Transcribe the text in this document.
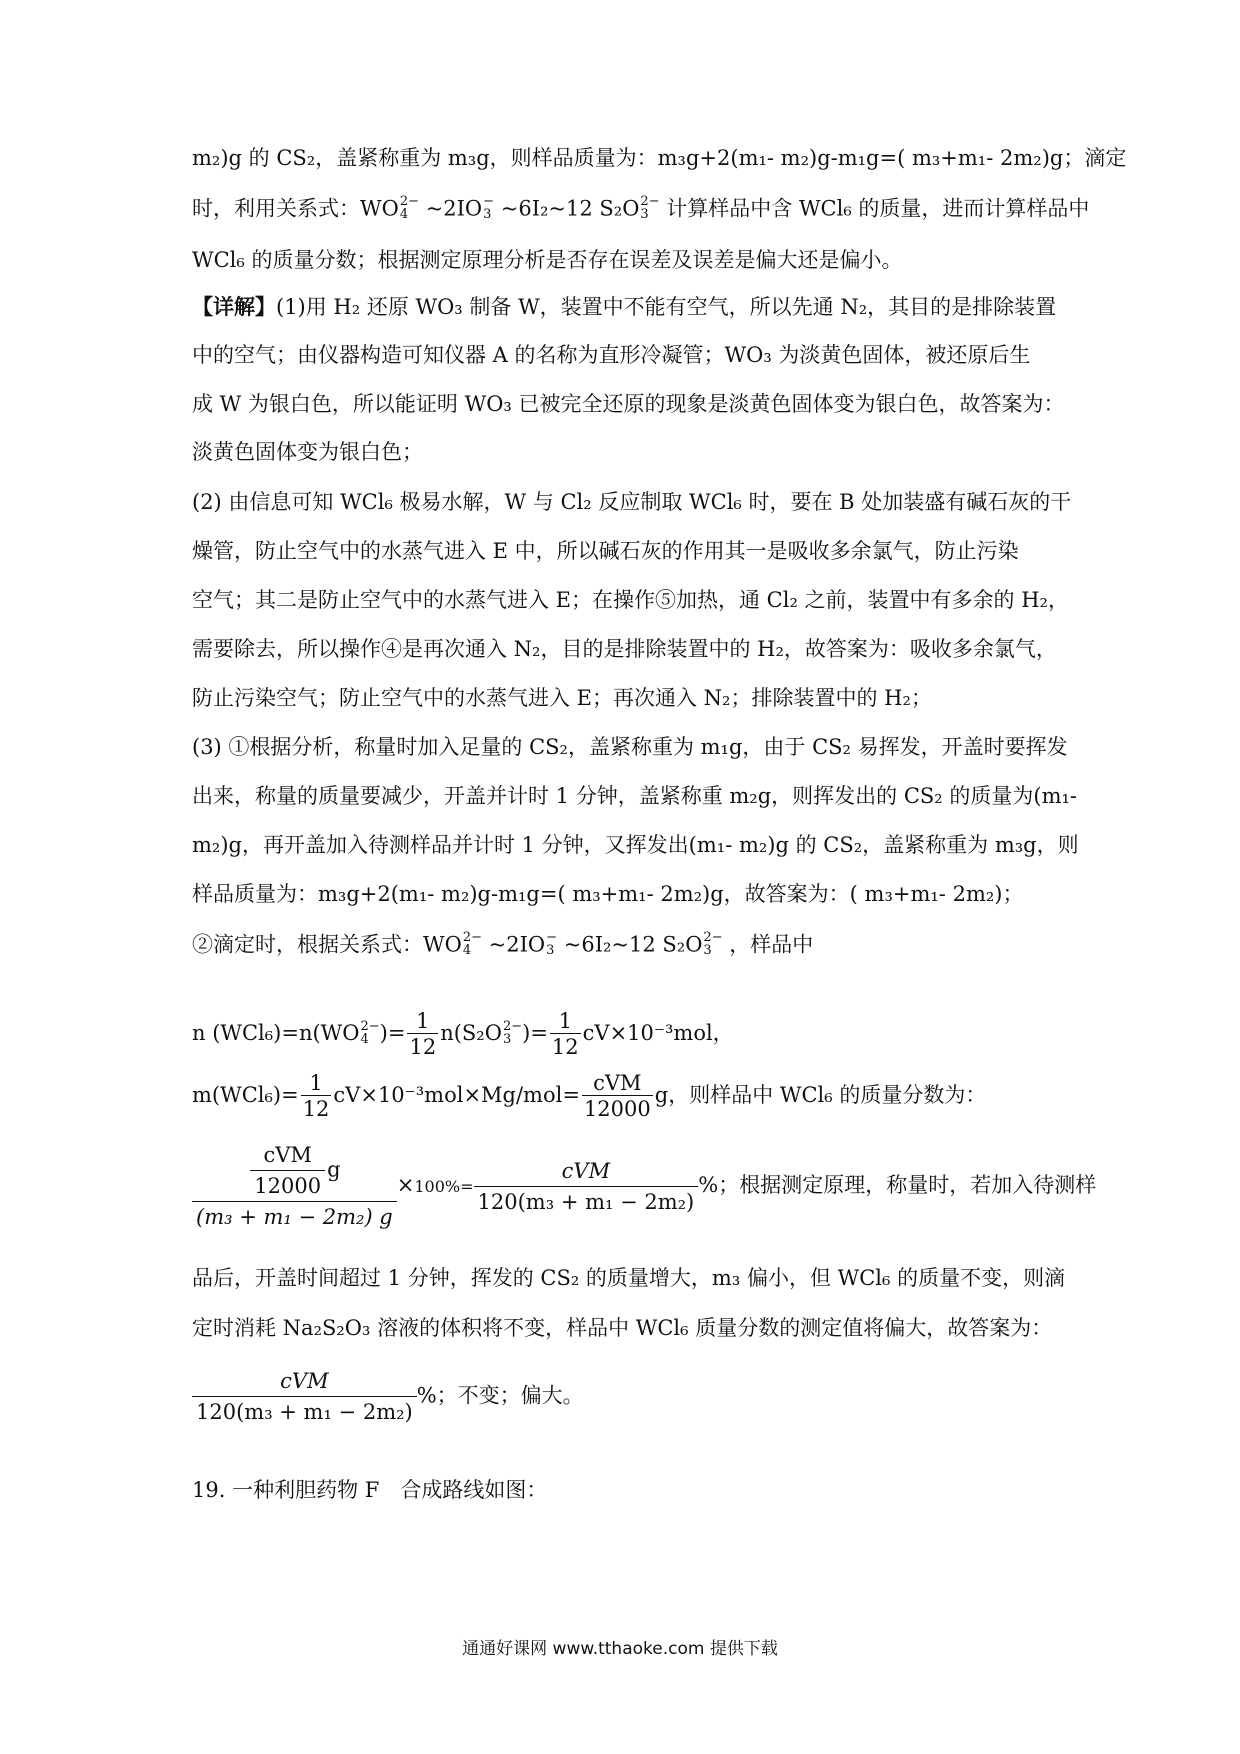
m₂)g 的 CS₂，盖紧称重为 m₃g，则样品质量为：m₃g+2(m₁- m₂)g-m₁g=( m₃+m₁- 2m₂)g；滴定
时，利用关系式：WO 2−
4 ~2IO −
3 ~6I₂~12 S₂O 2−
3 计算样品中含 WCl₆ 的质量，进而计算样品中
WCl₆ 的质量分数；根据测定原理分析是否存在误差及误差是偏大还是偏小。
【详解】(1)用 H₂ 还原 WO₃ 制备 W，装置中不能有空气，所以先通 N₂，其目的是排除装置
中的空气；由仪器构造可知仪器 A 的名称为直形冷凝管；WO₃ 为淡黄色固体，被还原后生
成 W 为银白色，所以能证明 WO₃ 已被完全还原的现象是淡黄色固体变为银白色，故答案为：
淡黄色固体变为银白色；
(2) 由信息可知 WCl₆ 极易水解，W 与 Cl₂ 反应制取 WCl₆ 时，要在 B 处加装盛有碱石灰的干
燥管，防止空气中的水蒸气进入 E 中，所以碱石灰的作用其一是吸收多余氯气，防止污染
空气；其二是防止空气中的水蒸气进入 E；在操作⑤加热，通 Cl₂ 之前，装置中有多余的 H₂，
需要除去，所以操作④是再次通入 N₂，目的是排除装置中的 H₂，故答案为：吸收多余氯气，
防止污染空气；防止空气中的水蒸气进入 E；再次通入 N₂；排除装置中的 H₂；
(3) ①根据分析，称量时加入足量的 CS₂，盖紧称重为 m₁g，由于 CS₂ 易挥发，开盖时要挥发
出来，称量的质量要减少，开盖并计时 1 分钟，盖紧称重 m₂g，则挥发出的 CS₂ 的质量为(m₁-
m₂)g，再开盖加入待测样品并计时 1 分钟，又挥发出(m₁- m₂)g 的 CS₂，盖紧称重为 m₃g，则
样品质量为：m₃g+2(m₁- m₂)g-m₁g=( m₃+m₁- 2m₂)g，故答案为：( m₃+m₁- 2m₂)；
②滴定时，根据关系式：WO 2−
4 ~2IO −
3 ~6I₂~12 S₂O 2−
3 ，样品中
n (WCl₆)=n(WO 2−
4 )= $\frac{1}{12} n(S_2O$ 2−
3 )= $\frac{1}{12} cV\times 10^{-3}mol$，
$m(WCl_6)= \frac{1}{12} cV\times 10^{-3}mol\times Mg/mol= \frac{\text{cVM}}{12000}$ g，则样品中 WCl₆ 的质量分数为：
$\frac{\frac{\text{cVM}}{12000} g}{\text{(m₃ + m₁ − 2m₂) g}} \times 100\%= \frac{\text{cVM}}{\text{120(m₃ + m₁ − 2m₂)}}$ %；根据测定原理，称量时，若加入待测样
品后，开盖时间超过 1 分钟，挥发的 CS₂ 的质量增大，m₃ 偏小，但 WCl₆ 的质量不变，则滴
定时消耗 Na₂S₂O₃ 溶液的体积将不变，样品中 WCl₆ 质量分数的测定值将偏大，故答案为：
$\frac{\text{cVM}}{\text{120(m₃ + m₁ − 2m₂)}}$ %；不变；偏大。
19. 一种利胆药物 F　合成路线如图：
通通好课网 www.tthaoke.com 提供下载
